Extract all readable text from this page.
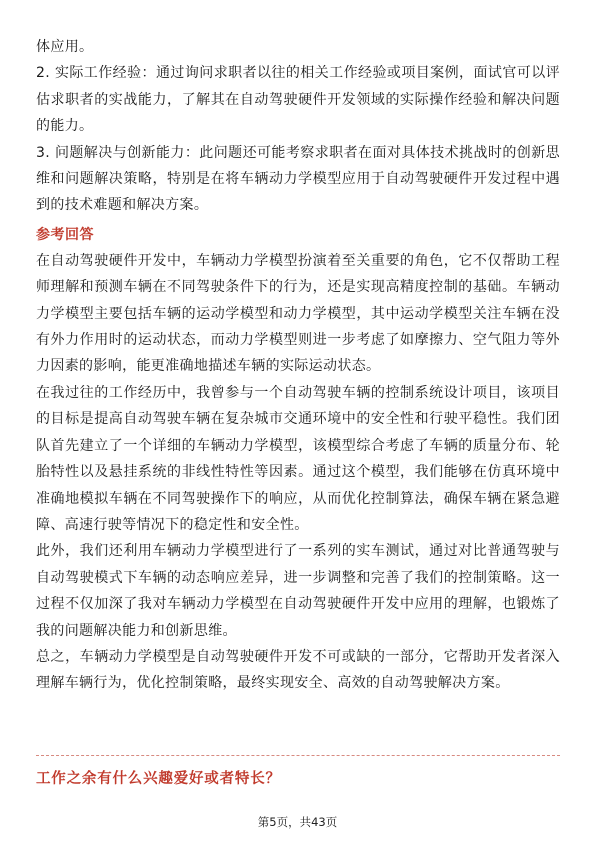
体应用。

2. 实际工作经验：通过询问求职者以往的相关工作经验或项目案例，面试官可以评估求职者的实战能力，了解其在自动驾驶硬件开发领域的实际操作经验和解决问题的能力。

3. 问题解决与创新能力：此问题还可能考察求职者在面对具体技术挑战时的创新思维和问题解决策略，特别是在将车辆动力学模型应用于自动驾驶硬件开发过程中遇到的技术难题和解决方案。

参考回答

在自动驾驶硬件开发中，车辆动力学模型扮演着至关重要的角色，它不仅帮助工程师理解和预测车辆在不同驾驶条件下的行为，还是实现高精度控制的基础。车辆动力学模型主要包括车辆的运动学模型和动力学模型，其中运动学模型关注车辆在没有外力作用时的运动状态，而动力学模型则进一步考虑了如摩擦力、空气阻力等外力因素的影响，能更准确地描述车辆的实际运动状态。

在我过往的工作经历中，我曾参与一个自动驾驶车辆的控制系统设计项目，该项目的目标是提高自动驾驶车辆在复杂城市交通环境中的安全性和行驶平稳性。我们团队首先建立了一个详细的车辆动力学模型，该模型综合考虑了车辆的质量分布、轮胎特性以及悬挂系统的非线性特性等因素。通过这个模型，我们能够在仿真环境中准确地模拟车辆在不同驾驶操作下的响应，从而优化控制算法，确保车辆在紧急避障、高速行驶等情况下的稳定性和安全性。

此外，我们还利用车辆动力学模型进行了一系列的实车测试，通过对比普通驾驶与自动驾驶模式下车辆的动态响应差异，进一步调整和完善了我们的控制策略。这一过程不仅加深了我对车辆动力学模型在自动驾驶硬件开发中应用的理解，也锻炼了我的问题解决能力和创新思维。

总之，车辆动力学模型是自动驾驶硬件开发不可或缺的一部分，它帮助开发者深入理解车辆行为，优化控制策略，最终实现安全、高效的自动驾驶解决方案。

工作之余有什么兴趣爱好或者特长？

第5页，共43页
